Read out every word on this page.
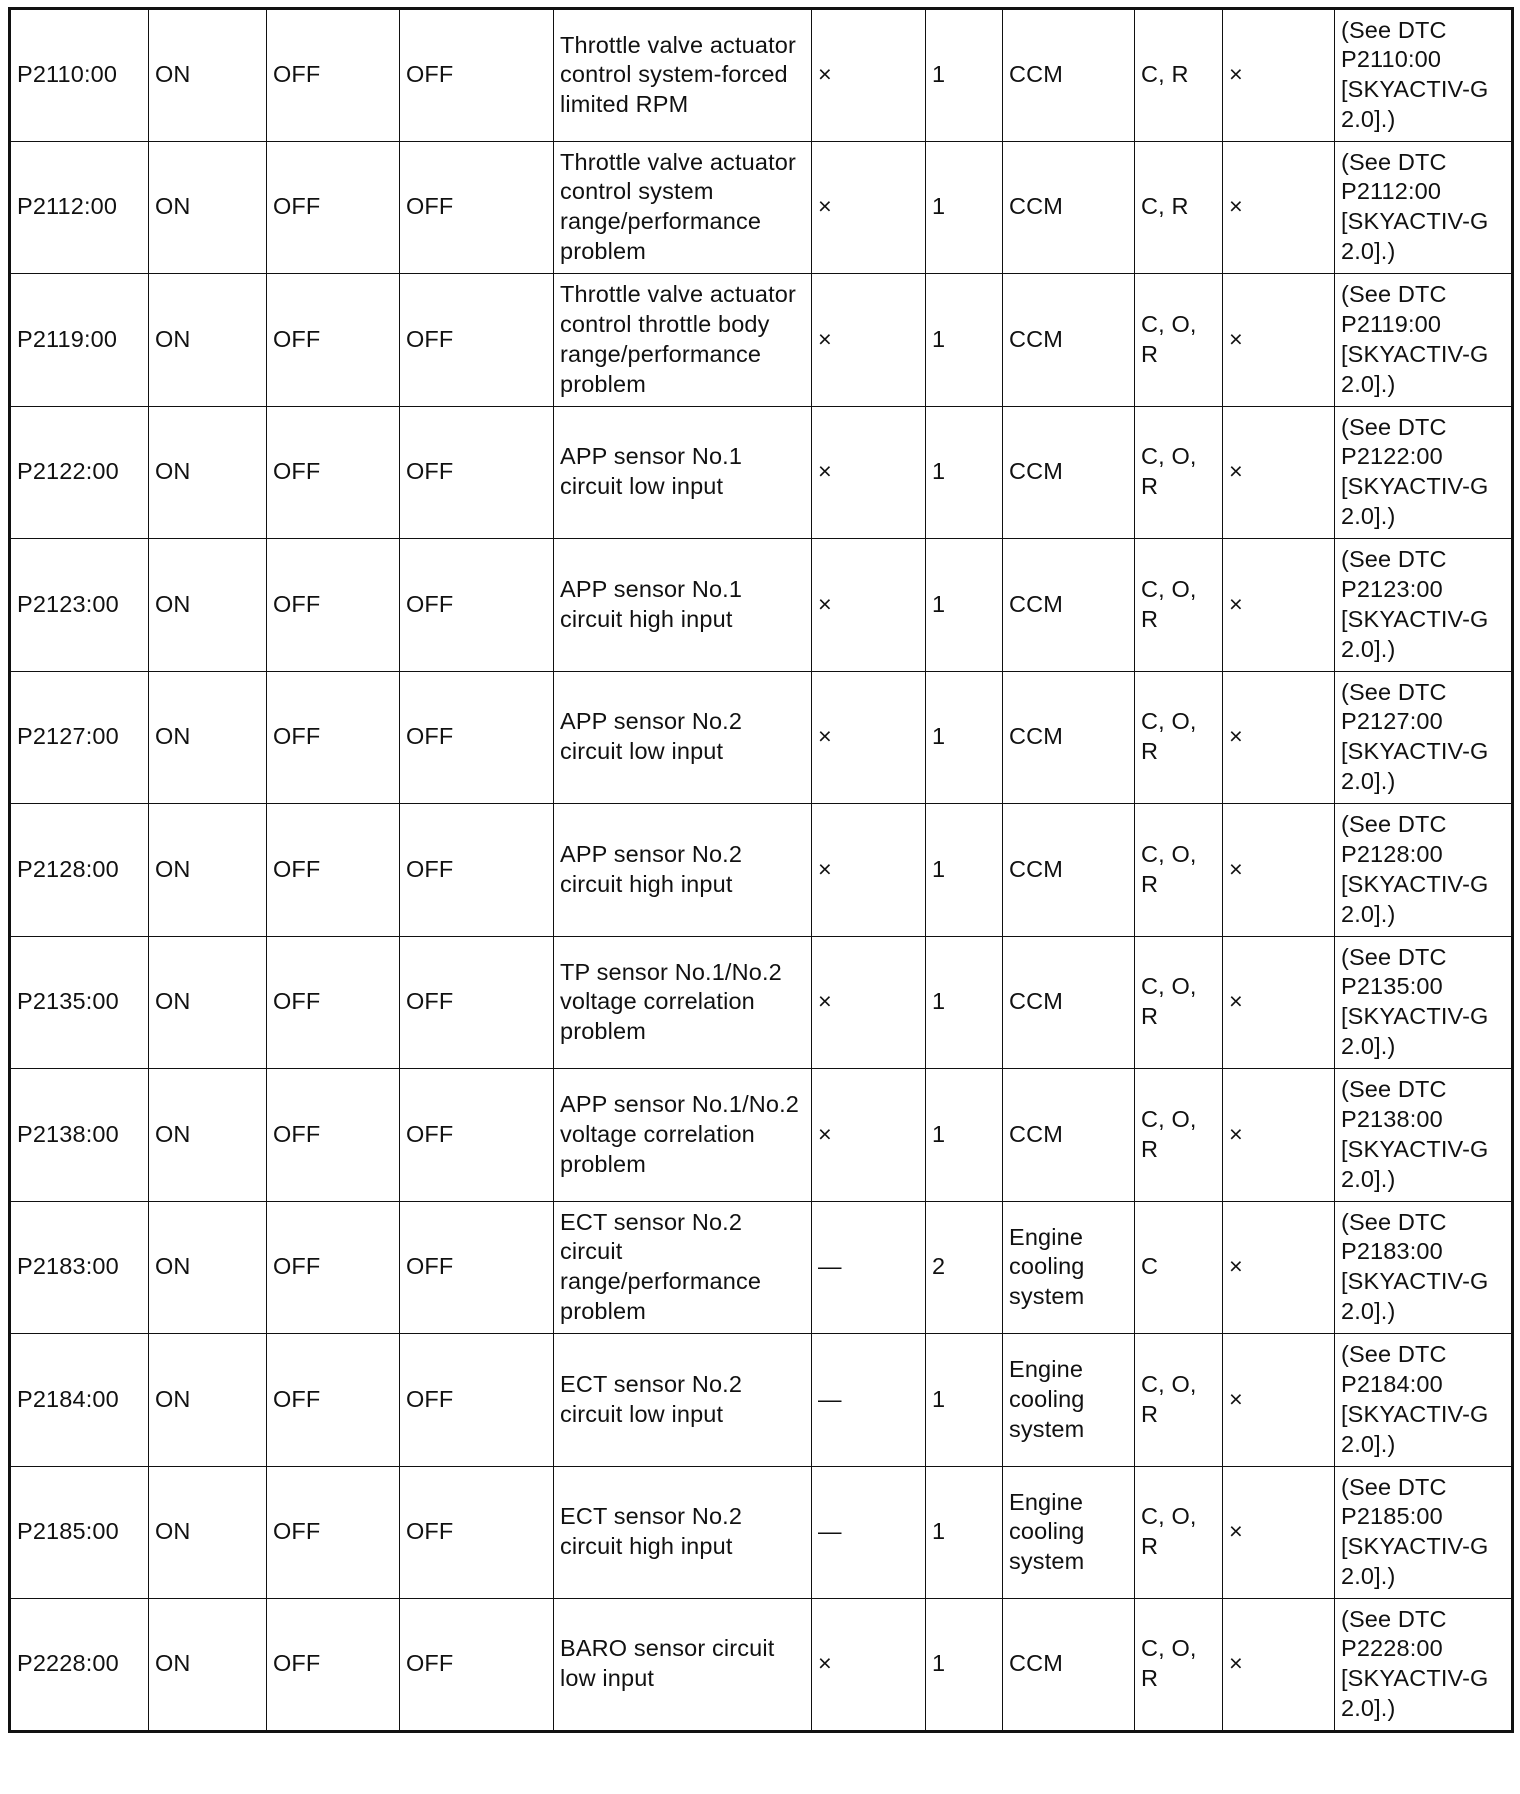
P2110:00	ON	OFF	OFF	Throttle valve actuator control system-forced limited RPM	×	1	CCM	C, R	×	(See DTC P2110:00 [SKYACTIV-G 2.0].)
P2112:00	ON	OFF	OFF	Throttle valve actuator control system range/performance problem	×	1	CCM	C, R	×	(See DTC P2112:00 [SKYACTIV-G 2.0].)
P2119:00	ON	OFF	OFF	Throttle valve actuator control throttle body range/performance problem	×	1	CCM	C, O, R	×	(See DTC P2119:00 [SKYACTIV-G 2.0].)
P2122:00	ON	OFF	OFF	APP sensor No.1 circuit low input	×	1	CCM	C, O, R	×	(See DTC P2122:00 [SKYACTIV-G 2.0].)
P2123:00	ON	OFF	OFF	APP sensor No.1 circuit high input	×	1	CCM	C, O, R	×	(See DTC P2123:00 [SKYACTIV-G 2.0].)
P2127:00	ON	OFF	OFF	APP sensor No.2 circuit low input	×	1	CCM	C, O, R	×	(See DTC P2127:00 [SKYACTIV-G 2.0].)
P2128:00	ON	OFF	OFF	APP sensor No.2 circuit high input	×	1	CCM	C, O, R	×	(See DTC P2128:00 [SKYACTIV-G 2.0].)
P2135:00	ON	OFF	OFF	TP sensor No.1/No.2 voltage correlation problem	×	1	CCM	C, O, R	×	(See DTC P2135:00 [SKYACTIV-G 2.0].)
P2138:00	ON	OFF	OFF	APP sensor No.1/No.2 voltage correlation problem	×	1	CCM	C, O, R	×	(See DTC P2138:00 [SKYACTIV-G 2.0].)
P2183:00	ON	OFF	OFF	ECT sensor No.2 circuit range/performance problem	—	2	Engine cooling system	C	×	(See DTC P2183:00 [SKYACTIV-G 2.0].)
P2184:00	ON	OFF	OFF	ECT sensor No.2 circuit low input	—	1	Engine cooling system	C, O, R	×	(See DTC P2184:00 [SKYACTIV-G 2.0].)
P2185:00	ON	OFF	OFF	ECT sensor No.2 circuit high input	—	1	Engine cooling system	C, O, R	×	(See DTC P2185:00 [SKYACTIV-G 2.0].)
P2228:00	ON	OFF	OFF	BARO sensor circuit low input	×	1	CCM	C, O, R	×	(See DTC P2228:00 [SKYACTIV-G 2.0].)
